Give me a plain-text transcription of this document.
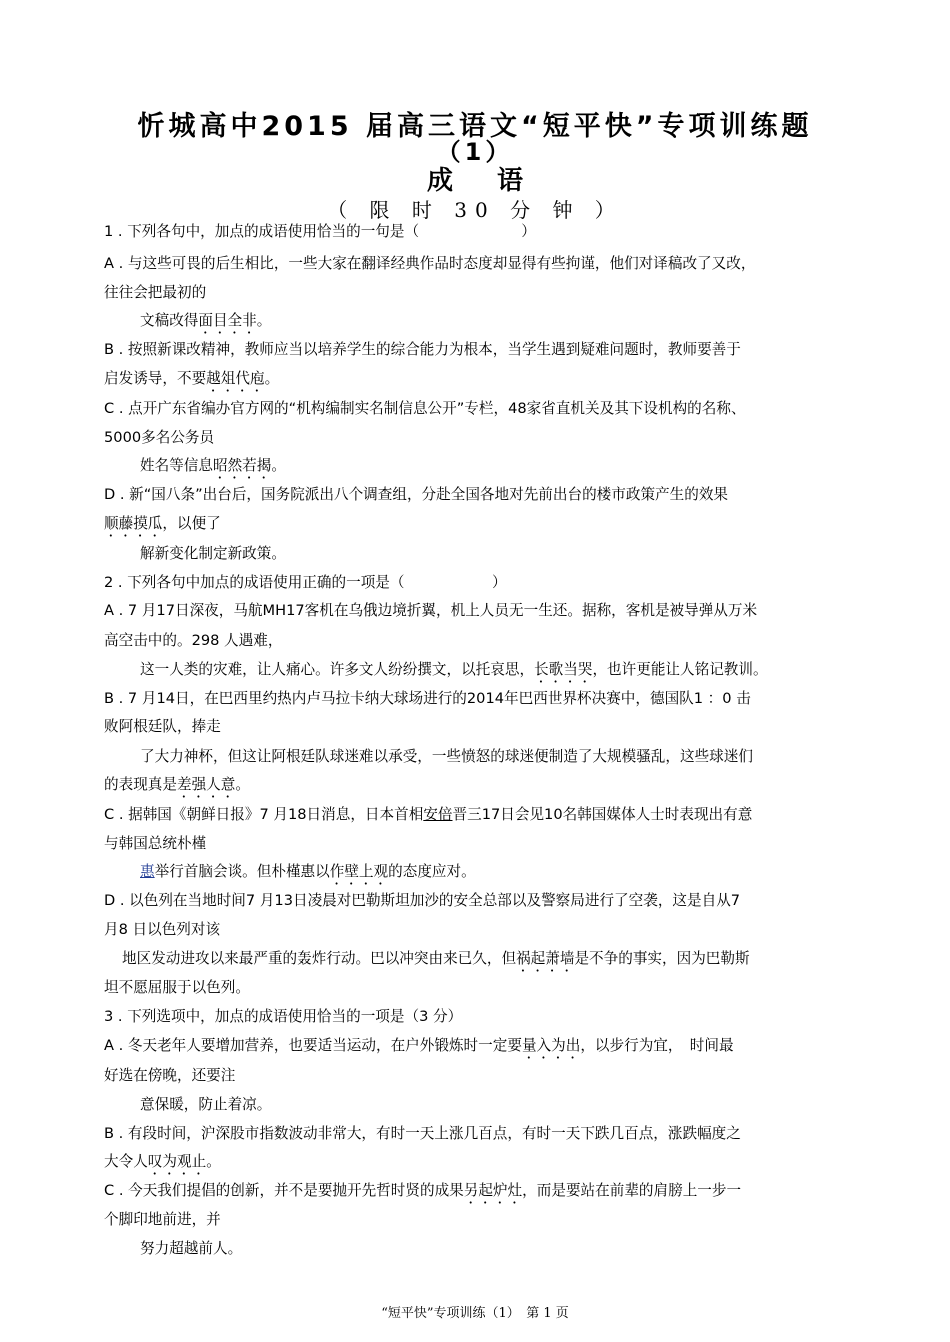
忻城高中2015 届高三语文“短平快”专项训练题
（1）
成 语
（ 限 时 30 分 钟 ）
1 . 下列各句中，加点的成语使用恰当的一句是（　　　　　　　）
A . 与这些可畏的后生相比，一些大家在翻译经典作品时态度却显得有些拘谨，他们对译稿改了又改，
往往会把最初的
文稿改得面目全非。
B . 按照新课改精神，教师应当以培养学生的综合能力为根本，当学生遇到疑难问题时，教师要善于
启发诱导，不要越俎代庖。
C . 点开广东省编办官方网的“机构编制实名制信息公开”专栏，48家省直机关及其下设机构的名称、
5000多名公务员
姓名等信息昭然若揭。
D . 新“国八条”出台后，国务院派出八个调查组，分赴全国各地对先前出台的楼市政策产生的效果
顺藤摸瓜，以便了
解新变化制定新政策。
2 . 下列各句中加点的成语使用正确的一项是（　　　　　　）
A . 7 月17日深夜，马航MH17客机在乌俄边境折翼，机上人员无一生还。据称，客机是被导弹从万米
高空击中的。298 人遇难，
这一人类的灾难，让人痛心。许多文人纷纷撰文，以托哀思，长歌当哭，也许更能让人铭记教训。
B . 7 月14日，在巴西里约热内卢马拉卡纳大球场进行的2014年巴西世界杯决赛中，德国队1 ：0 击
败阿根廷队，捧走
了大力神杯，但这让阿根廷队球迷难以承受，一些愤怒的球迷便制造了大规模骚乱，这些球迷们
的表现真是差强人意。
C . 据韩国《朝鲜日报》7 月18日消息，日本首相安倍晋三17日会见10名韩国媒体人士时表现出有意
与韩国总统朴槿
惠举行首脑会谈。但朴槿惠以作壁上观的态度应对。
D . 以色列在当地时间7 月13日凌晨对巴勒斯坦加沙的安全总部以及警察局进行了空袭，这是自从7
月8 日以色列对该
地区发动进攻以来最严重的轰炸行动。巴以冲突由来已久，但祸起萧墙是不争的事实，因为巴勒斯
坦不愿屈服于以色列。
3 . 下列选项中，加点的成语使用恰当的一项是（3 分）
A . 冬天老年人要增加营养，也要适当运动，在户外锻炼时一定要量入为出，以步行为宜，　时间最
好选在傍晚，还要注
意保暖，防止着凉。
B . 有段时间，沪深股市指数波动非常大，有时一天上涨几百点，有时一天下跌几百点，涨跌幅度之
大令人叹为观止。
C . 今天我们提倡的创新，并不是要抛开先哲时贤的成果另起炉灶，而是要站在前辈的肩膀上一步一
个脚印地前进，并
努力超越前人。
“短平快”专项训练（1）　第 1 页
